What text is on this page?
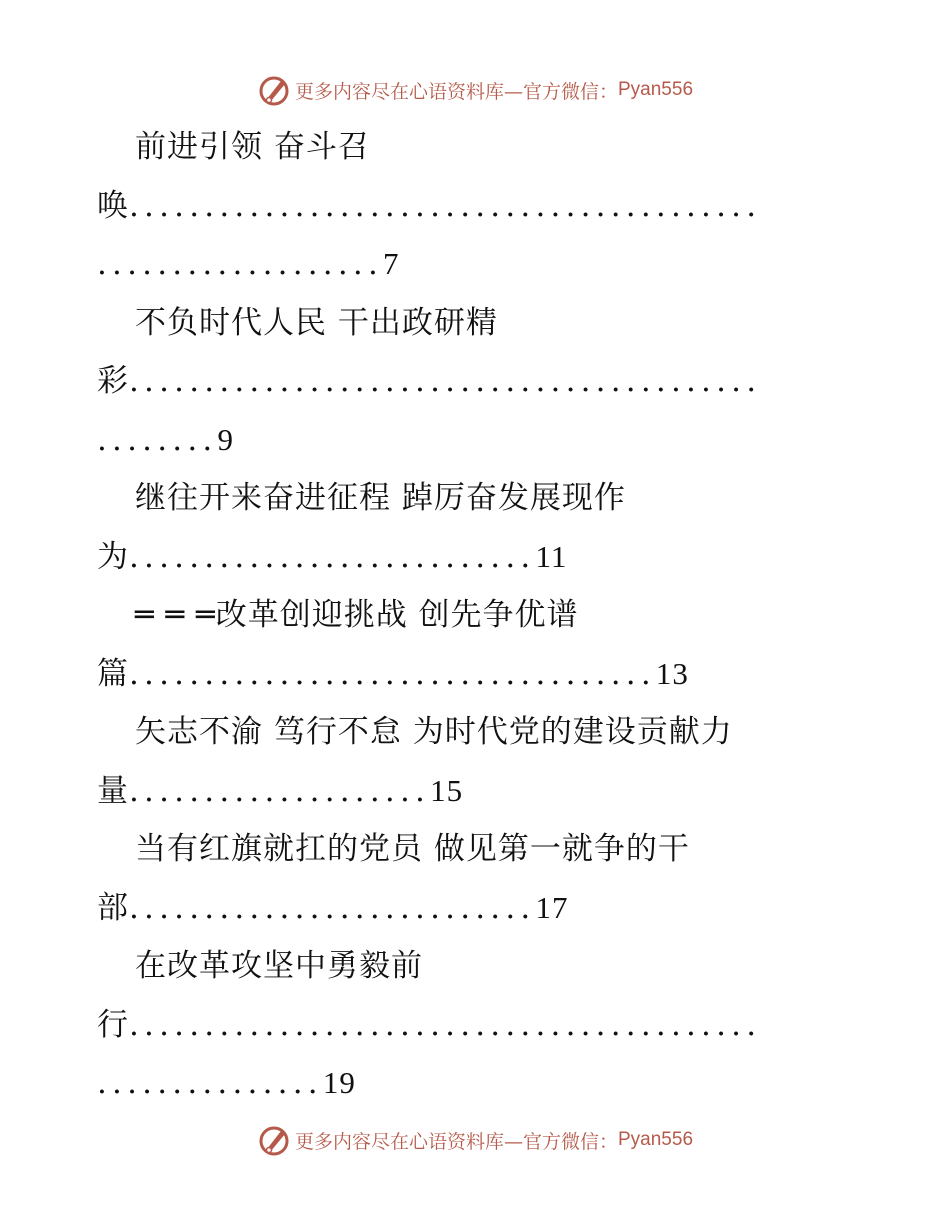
更多内容尽在心语资料库— 官方微信： Pyan556
前进引领 奋斗召
唤..........................................
...................7
不负时代人民 干出政研精
彩..........................................
........9
继往开来奋进征程 踔厉奋发展现作
为...........................11
═ ═ ═改革创迎挑战 创先争优谱
篇...................................13
矢志不渝 笃行不怠 为时代党的建设贡献力
量....................15
当有红旗就扛的党员 做见第一就争的干
部...........................17
在改革攻坚中勇毅前
行..........................................
...............19
更多内容尽在心语资料库— 官方微信： Pyan556
